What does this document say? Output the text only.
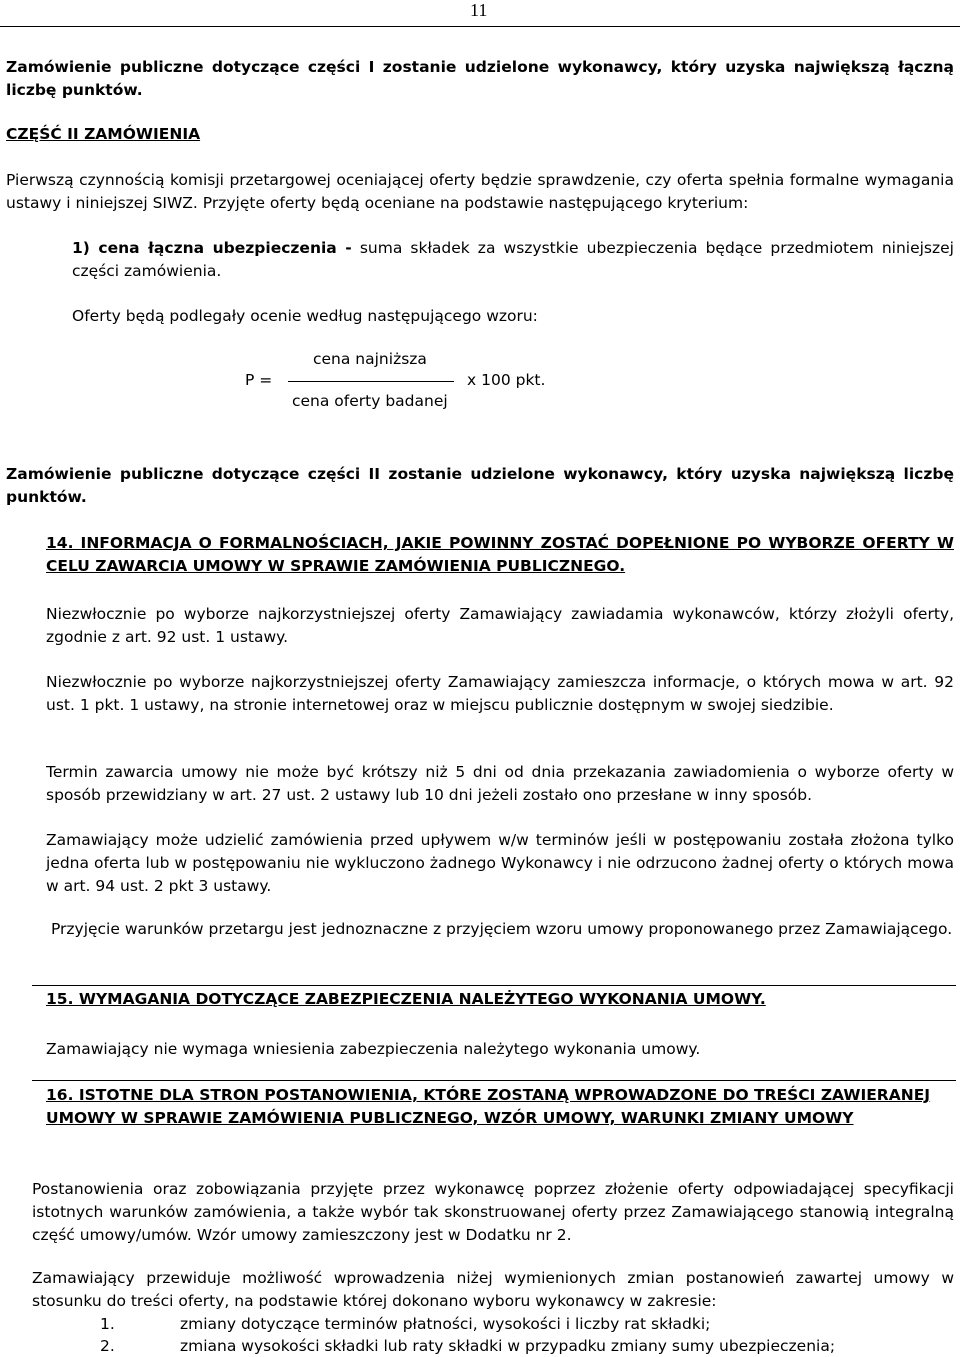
11
Zamówienie publiczne dotyczące części I zostanie udzielone wykonawcy, który uzyska największą łączną liczbę punktów.
CZĘŚĆ II ZAMÓWIENIA
Pierwszą czynnością komisji przetargowej oceniającej oferty będzie sprawdzenie, czy oferta spełnia formalne wymagania ustawy i niniejszej SIWZ. Przyjęte oferty będą oceniane na podstawie następującego kryterium:
1) cena łączna ubezpieczenia - suma składek za wszystkie ubezpieczenia będące przedmiotem niniejszej części zamówienia.
Oferty będą podlegały ocenie według następującego wzoru:
cena najniższa
P =	x 100 pkt.
cena oferty badanej
Zamówienie publiczne dotyczące części II zostanie udzielone wykonawcy, który uzyska największą liczbę punktów.
14. INFORMACJA O FORMALNOŚCIACH, JAKIE POWINNY ZOSTAĆ DOPEŁNIONE PO WYBORZE OFERTY W CELU ZAWARCIA UMOWY W SPRAWIE ZAMÓWIENIA PUBLICZNEGO.
Niezwłocznie po wyborze najkorzystniejszej oferty Zamawiający zawiadamia wykonawców, którzy złożyli oferty, zgodnie z art. 92 ust. 1 ustawy.
Niezwłocznie po wyborze najkorzystniejszej oferty Zamawiający zamieszcza informacje, o których mowa w art. 92 ust. 1 pkt. 1 ustawy, na stronie internetowej oraz w miejscu publicznie dostępnym w swojej siedzibie.
Termin zawarcia umowy nie może być krótszy niż 5 dni od dnia przekazania zawiadomienia o wyborze oferty w sposób przewidziany w art. 27 ust. 2 ustawy lub 10 dni jeżeli zostało ono przesłane w inny sposób.
Zamawiający może udzielić zamówienia przed upływem w/w terminów jeśli w postępowaniu została złożona tylko jedna oferta lub w postępowaniu nie wykluczono żadnego Wykonawcy i nie odrzucono żadnej oferty o których mowa w art. 94 ust. 2 pkt 3 ustawy.
Przyjęcie warunków przetargu jest jednoznaczne z przyjęciem wzoru umowy proponowanego przez Zamawiającego.
15. WYMAGANIA DOTYCZĄCE ZABEZPIECZENIA NALEŻYTEGO WYKONANIA UMOWY.
Zamawiający nie wymaga wniesienia zabezpieczenia należytego wykonania umowy.
16. ISTOTNE DLA STRON POSTANOWIENIA, KTÓRE ZOSTANĄ WPROWADZONE DO TREŚCI ZAWIERANEJ UMOWY W SPRAWIE ZAMÓWIENIA PUBLICZNEGO, WZÓR UMOWY, WARUNKI ZMIANY UMOWY
Postanowienia oraz zobowiązania przyjęte przez wykonawcę poprzez złożenie oferty odpowiadającej specyfikacji istotnych warunków zamówienia, a także wybór tak skonstruowanej oferty przez Zamawiającego stanowią integralną część umowy/umów. Wzór umowy zamieszczony jest w Dodatku nr 2.
Zamawiający przewiduje możliwość wprowadzenia niżej wymienionych zmian postanowień zawartej umowy w stosunku do treści oferty, na podstawie której dokonano wyboru wykonawcy w zakresie:
1.	zmiany dotyczące terminów płatności, wysokości i liczby rat składki;
2.	zmiana wysokości składki lub raty składki w przypadku zmiany sumy ubezpieczenia;
